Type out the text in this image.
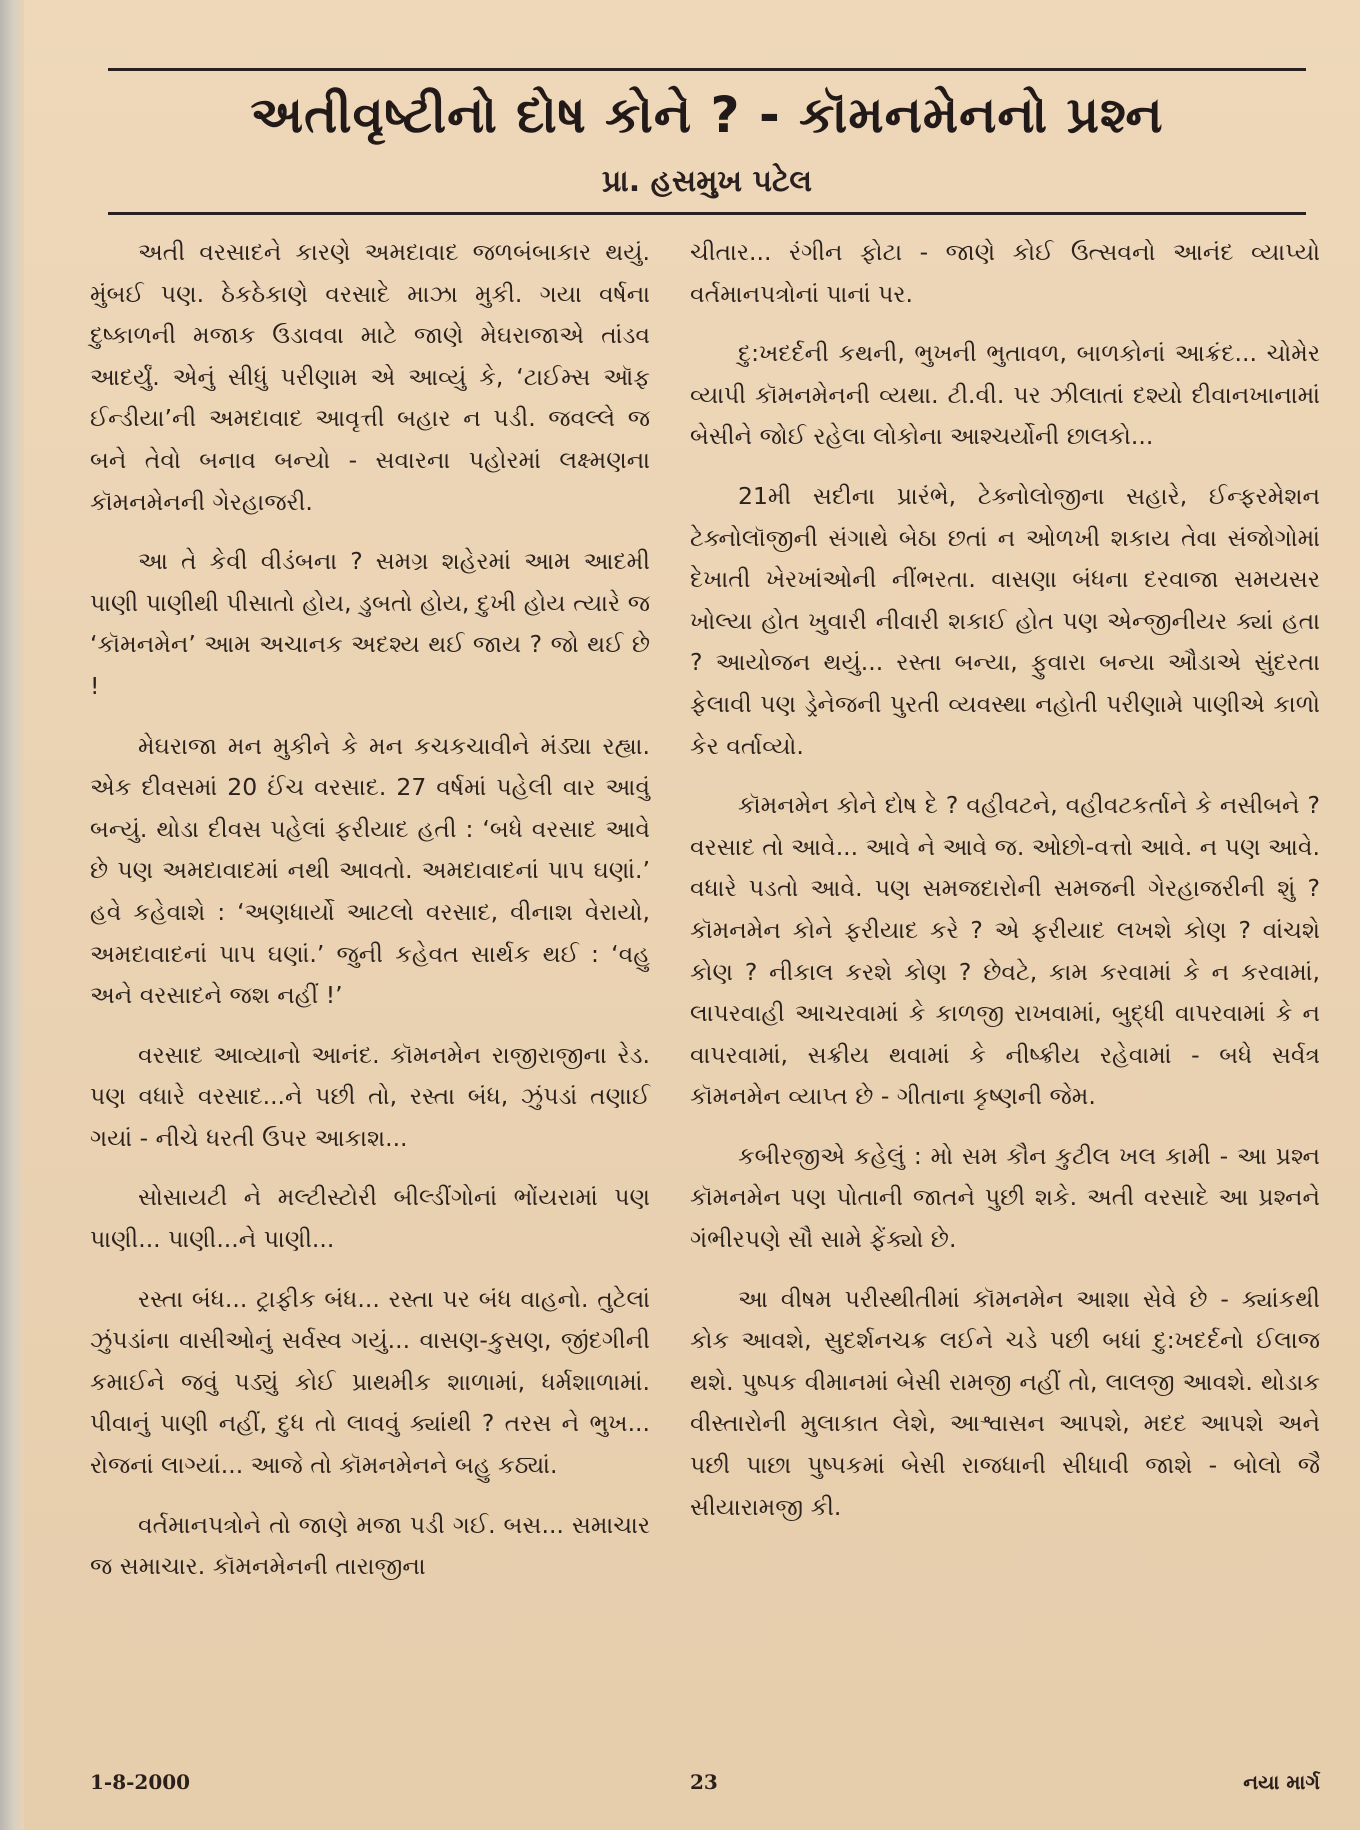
અતીવૃષ્ટીનો દોષ કોને ? - કૉમનમેનનો પ્રશ્ન
પ્રા. હસમુખ પટેલ

અતી વરસાદને કારણે અમદાવાદ જળબંબાકાર થયું. મુંબઈ પણ. ઠેકઠેકાણે વરસાદે માઝા મુકી. ગયા વર્ષના દુષ્કાળની મજાક ઉડાવવા માટે જાણે મેઘરાજાએ તાંડવ આદર્યું. એનું સીધું પરીણામ એ આવ્યું કે, ‘ટાઈમ્સ ઑફ ઈન્ડીયા’ની અમદાવાદ આવૃત્તી બહાર ન પડી. જવલ્લે જ બને તેવો બનાવ બન્યો - સવારના પહોરમાં લક્ષ્મણના કૉમનમેનની ગેરહાજરી.

આ તે કેવી વીડંબના ? સમગ્ર શહેરમાં આમ આદમી પાણી પાણીથી પીસાતો હોય, ડુબતો હોય, દુખી હોય ત્યારે જ ‘કૉમનમેન’ આમ અચાનક અદશ્ય થઈ જાય ? જો થઈ છે !

મેઘરાજા મન મુકીને કે મન કચકચાવીને મંડ્યા રહ્યા. એક દીવસમાં 20 ઈંચ વરસાદ. 27 વર્ષમાં પહેલી વાર આવું બન્યું. થોડા દીવસ પહેલાં ફરીયાદ હતી : ‘બધે વરસાદ આવે છે પણ અમદાવાદમાં નથી આવતો. અમદાવાદનાં પાપ ઘણાં.’ હવે કહેવાશે : ‘અણધાર્યો આટલો વરસાદ, વીનાશ વેરાયો, અમદાવાદનાં પાપ ઘણાં.’ જુની કહેવત સાર્થક થઈ : ‘વહુ અને વરસાદને જશ નહીં !’

વરસાદ આવ્યાનો આનંદ. કૉમનમેન રાજીરાજીના રેડ. પણ વધારે વરસાદ...ને પછી તો, રસ્તા બંધ, ઝુંપડાં તણાઈ ગયાં - નીચે ધરતી ઉપર આકાશ...

સોસાયટી ને મલ્ટીસ્ટોરી બીલ્ડીંગોનાં ભોંયરામાં પણ પાણી... પાણી...ને પાણી...

રસ્તા બંધ... ટ્રાફીક બંધ... રસ્તા પર બંધ વાહનો. તુટેલાં ઝુંપડાંના વાસીઓનું સર્વસ્વ ગયું... વાસણ-કુસણ, જીંદગીની કમાઈને જવું પડ્યું કોઈ પ્રાથમીક શાળામાં, ધર્મશાળામાં. પીવાનું પાણી નહીં, દુધ તો લાવવું ક્યાંથી ? તરસ ને ભુખ... રોજનાં લાગ્યાં... આજે તો કૉમનમેનને બહુ કઠ્યાં.

વર્તમાનપત્રોને તો જાણે મજા પડી ગઈ. બસ... સમાચાર જ સમાચાર. કૉમનમેનની તારાજીના

ચીતાર... રંગીન ફોટા - જાણે કોઈ ઉત્સવનો આનંદ વ્યાપ્યો વર્તમાનપત્રોનાં પાનાં પર.

દુ:ખદર્દની કથની, ભુખની ભુતાવળ, બાળકોનાં આક્રંદ... ચોમેર વ્યાપી કૉમનમેનની વ્યથા. ટી.વી. પર ઝીલાતાં દશ્યો દીવાનખાનામાં બેસીને જોઈ રહેલા લોકોના આશ્ચર્યોની છાલકો...

21મી સદીના પ્રારંભે, ટેક્નોલોજીના સહારે, ઈન્ફરમેશન ટેક્નોલૉજીની સંગાથે બેઠા છતાં ન ઓળખી શકાય તેવા સંજોગોમાં દેખાતી ખેરખાંઓની નીંભરતા. વાસણા બંધના દરવાજા સમયસર ખોલ્યા હોત ખુવારી નીવારી શકાઈ હોત પણ એન્જીનીયર ક્યાં હતા ? આયોજન થયું... રસ્તા બન્યા, ફુવારા બન્યા ઔડાએ સુંદરતા ફેલાવી પણ ડ્રેનેજની પુરતી વ્યવસ્થા નહોતી પરીણામે પાણીએ કાળો કેર વર્તાવ્યો.

કૉમનમેન કોને દોષ દે ? વહીવટને, વહીવટકર્તાને કે નસીબને ? વરસાદ તો આવે... આવે ને આવે જ. ઓછો-વત્તો આવે. ન પણ આવે. વધારે પડતો આવે. પણ સમજદારોની સમજની ગેરહાજરીની શું ? કૉમનમેન કોને ફરીયાદ કરે ? એ ફરીયાદ લખશે કોણ ? વાંચશે કોણ ? નીકાલ કરશે કોણ ? છેવટે, કામ કરવામાં કે ન કરવામાં, લાપરવાહી આચરવામાં કે કાળજી રાખવામાં, બુદ્ધી વાપરવામાં કે ન વાપરવામાં, સક્રીય થવામાં કે નીષ્ક્રીય રહેવામાં - બધે સર્વત્ર કૉમનમેન વ્યાપ્ત છે - ગીતાના કૃષ્ણની જેમ.

કબીરજીએ કહેલું : મો સમ કૌન કુટીલ ખલ કામી - આ પ્રશ્ન કૉમનમેન પણ પોતાની જાતને પુછી શકે. અતી વરસાદે આ પ્રશ્નને ગંભીરપણે સૌ સામે ફેંક્યો છે.

આ વીષમ પરીસ્થીતીમાં કૉમનમેન આશા સેવે છે - ક્યાંકથી કોક આવશે, સુદર્શનચક્ર લઈને ચડે પછી બધાં દુ:ખદર્દનો ઈલાજ થશે. પુષ્પક વીમાનમાં બેસી રામજી નહીં તો, લાલજી આવશે. થોડાક વીસ્તારોની મુલાકાત લેશે, આશ્વાસન આપશે, મદદ આપશે અને પછી પાછા પુષ્પકમાં બેસી રાજધાની સીધાવી જાશે - બોલો જૈ સીયારામજી કી.

1-8-2000	23	નયા માર્ગ
